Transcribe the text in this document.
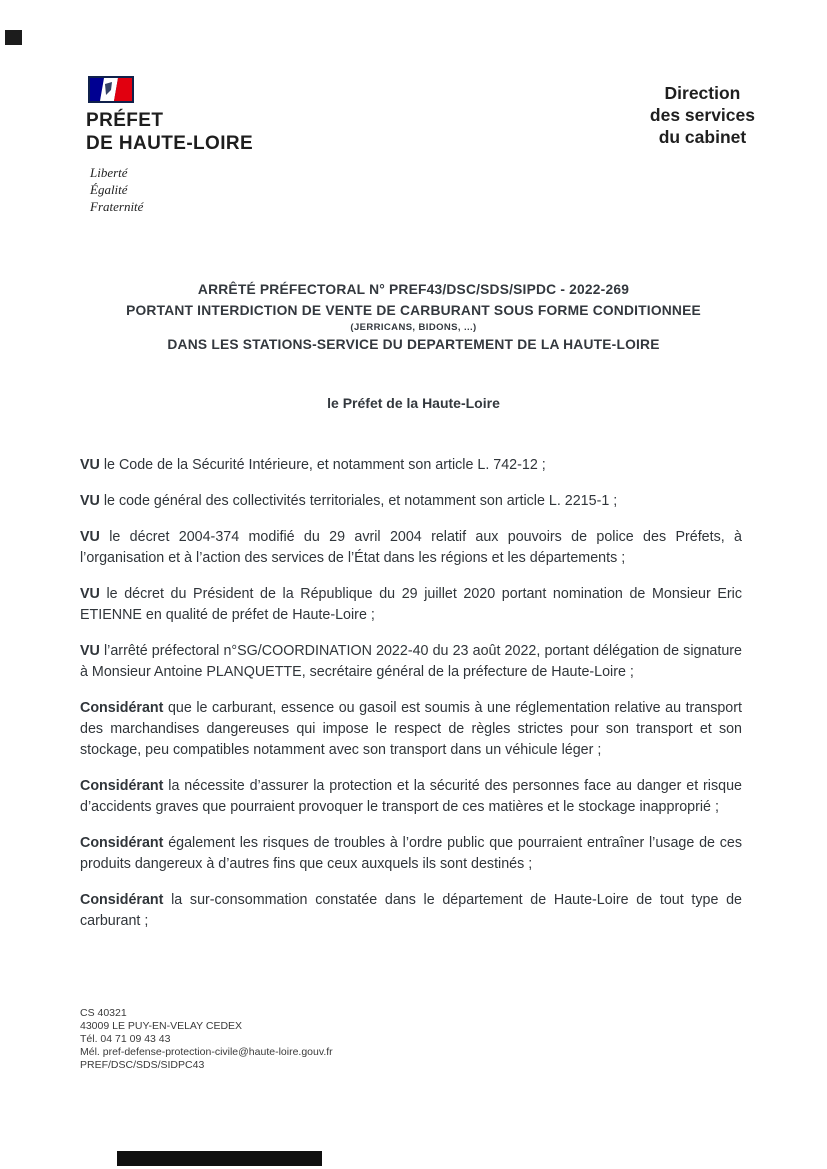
PRÉFET
DE HAUTE-LOIRE
Liberté
Égalité
Fraternité
Direction
des services
du cabinet
ARRÊTÉ PRÉFECTORAL N° PREF43/DSC/SDS/SIPDC - 2022-269
PORTANT INTERDICTION DE VENTE DE CARBURANT SOUS FORME CONDITIONNEE
(JERRICANS, BIDONS, ...)
DANS LES STATIONS-SERVICE DU DEPARTEMENT DE LA HAUTE-LOIRE
le Préfet de la Haute-Loire

VU le Code de la Sécurité Intérieure, et notamment son article L. 742-12 ;

VU le code général des collectivités territoriales, et notamment son article L. 2215-1 ;

VU le décret 2004-374 modifié du 29 avril 2004 relatif aux pouvoirs de police des Préfets, à l’organisation et à l’action des services de l’État dans les régions et les départements ;

VU le décret du Président de la République du 29 juillet 2020 portant nomination de Monsieur Eric ETIENNE en qualité de préfet de Haute-Loire ;

VU l’arrêté préfectoral n°SG/COORDINATION 2022-40 du 23 août 2022, portant délégation de signature à Monsieur Antoine PLANQUETTE, secrétaire général de la préfecture de Haute-Loire ;

Considérant que le carburant, essence ou gasoil est soumis à une réglementation relative au transport des marchandises dangereuses qui impose le respect de règles strictes pour son transport et son stockage, peu compatibles notamment avec son transport dans un véhicule léger ;

Considérant la nécessite d’assurer la protection et la sécurité des personnes face au danger et risque d’accidents graves que pourraient provoquer le transport de ces matières et le stockage inapproprié ;

Considérant également les risques de troubles à l’ordre public que pourraient entraîner l’usage de ces produits dangereux à d’autres fins que ceux auxquels ils sont destinés ;

Considérant la sur-consommation constatée dans le département de Haute-Loire de tout type de carburant ;

CS 40321
43009 LE PUY-EN-VELAY CEDEX
Tél. 04 71 09 43 43
Mél. pref-defense-protection-civile@haute-loire.gouv.fr
PREF/DSC/SDS/SIDPC43
